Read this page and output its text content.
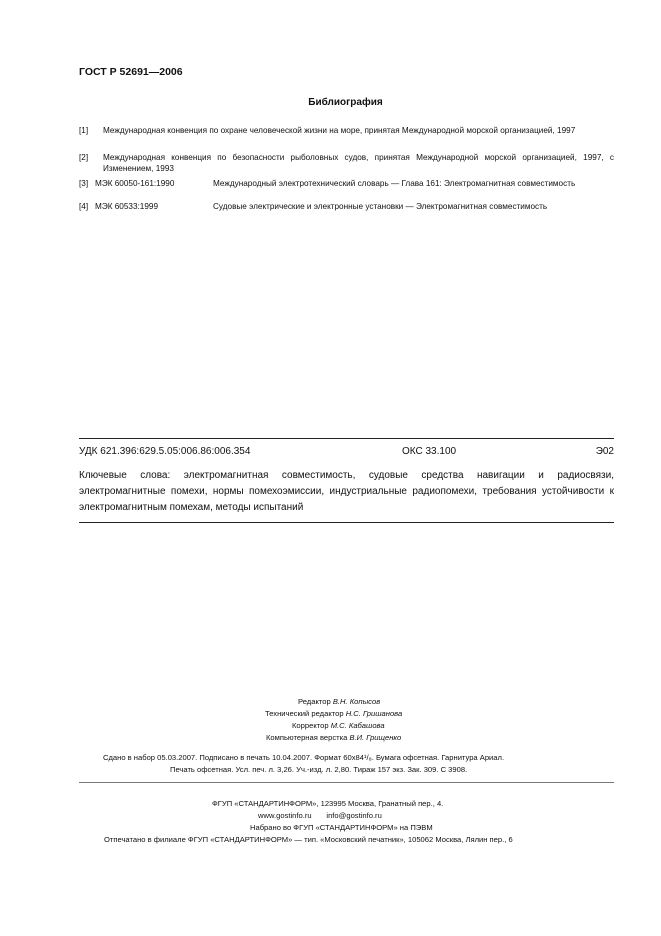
ГОСТ Р 52691—2006
Библиография
[1] Международная конвенция по охране человеческой жизни на море, принятая Международной морской организацией, 1997
[2] Международная конвенция по безопасности рыболовных судов, принятая Международной морской организацией, 1997, с Изменением, 1993
[3] МЭК 60050-161:1990	Международный электротехнический словарь — Глава 161: Электромагнитная совместимость
[4] МЭК 60533:1999	Судовые электрические и электронные установки — Электромагнитная совместимость
УДК 621.396:629.5.05:006.86:006.354	ОКС 33.100	Э02
Ключевые слова: электромагнитная совместимость, судовые средства навигации и радиосвязи, электромагнитные помехи, нормы помехоэмиссии, индустриальные радиопомехи, требования устойчивости к электромагнитным помехам, методы испытаний
Редактор В.Н. Копысов
Технический редактор Н.С. Гришанова
Корректор М.С. Кабашова
Компьютерная верстка В.И. Грищенко
Сдано в набор 05.03.2007. Подписано в печать 10.04.2007. Формат 60x84¹/₈. Бумага офсетная. Гарнитура Ариал.
Печать офсетная. Усл. печ. л. 3,26. Уч.-изд. л. 2,80. Тираж 157 экз. Зак. 309. С 3908.
ФГУП «СТАНДАРТИНФОРМ», 123995 Москва, Гранатный пер., 4.
www.gostinfo.ru info@gostinfo.ru
Набрано во ФГУП «СТАНДАРТИНФОРМ» на ПЭВМ
Отпечатано в филиале ФГУП «СТАНДАРТИНФОРМ» — тип. «Московский печатник», 105062 Москва, Лялин пер., 6
